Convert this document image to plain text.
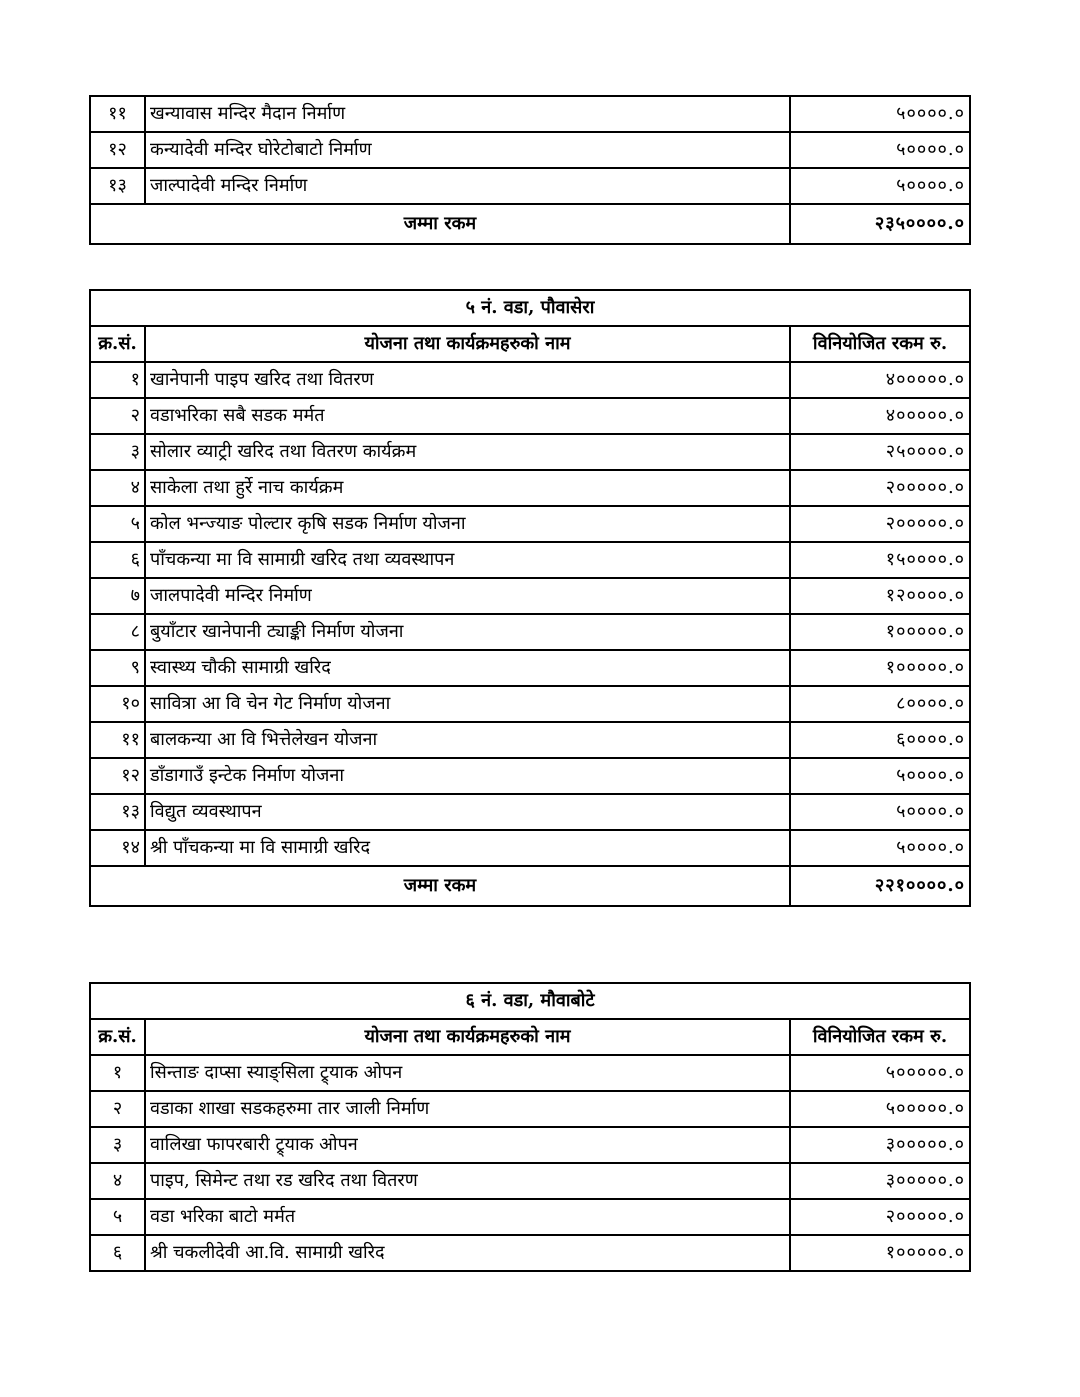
११	खन्यावास मन्दिर मैदान निर्माण	५००००.०
१२	कन्यादेवी मन्दिर घोरेटोबाटो निर्माण	५००००.०
१३	जाल्पादेवी मन्दिर निर्माण	५००००.०
जम्मा रकम		२३५००००.०
५ नं. वडा, पौवासेरा		
क्र.सं.	योजना तथा कार्यक्रमहरुको नाम	विनियोजित रकम रु.
१	खानेपानी पाइप खरिद तथा वितरण	४०००००.०
२	वडाभरिका सबै सडक मर्मत	४०००००.०
३	सोलार व्याट्री खरिद तथा वितरण कार्यक्रम	२५००००.०
४	साकेला तथा हुर्रे नाच कार्यक्रम	२०००००.०
५	कोल भन्ज्याङ पोल्टार कृषि सडक निर्माण योजना	२०००००.०
६	पाँचकन्या मा वि सामाग्री खरिद तथा व्यवस्थापन	१५००००.०
७	जालपादेवी मन्दिर निर्माण	१२००००.०
८	बुयाँटार खानेपानी ट्याङ्की निर्माण योजना	१०००००.०
९	स्वास्थ्य चौकी सामाग्री खरिद	१०००००.०
१०	सावित्रा आ वि चेन गेट निर्माण योजना	८००००.०
११	बालकन्या आ वि भित्तेलेखन योजना	६००००.०
१२	डाँडागाउँ इन्टेक निर्माण योजना	५००००.०
१३	विद्युत व्यवस्थापन	५००००.०
१४	श्री पाँचकन्या मा वि सामाग्री खरिद	५००००.०
जम्मा रकम		२२१००००.०
६ नं. वडा, मौवाबोटे		
क्र.सं.	योजना तथा कार्यक्रमहरुको नाम	विनियोजित रकम रु.
१	सिन्ताङ दाप्सा स्याङ्सिला ट्र्याक ओपन	५०००००.०
२	वडाका शाखा सडकहरुमा तार जाली निर्माण	५०००००.०
३	वालिखा फापरबारी ट्र्याक ओपन	३०००००.०
४	पाइप, सिमेन्ट तथा रड खरिद तथा वितरण	३०००००.०
५	वडा भरिका बाटो मर्मत	२०००००.०
६	श्री चकलीदेवी आ.वि. सामाग्री खरिद	१०००००.०
